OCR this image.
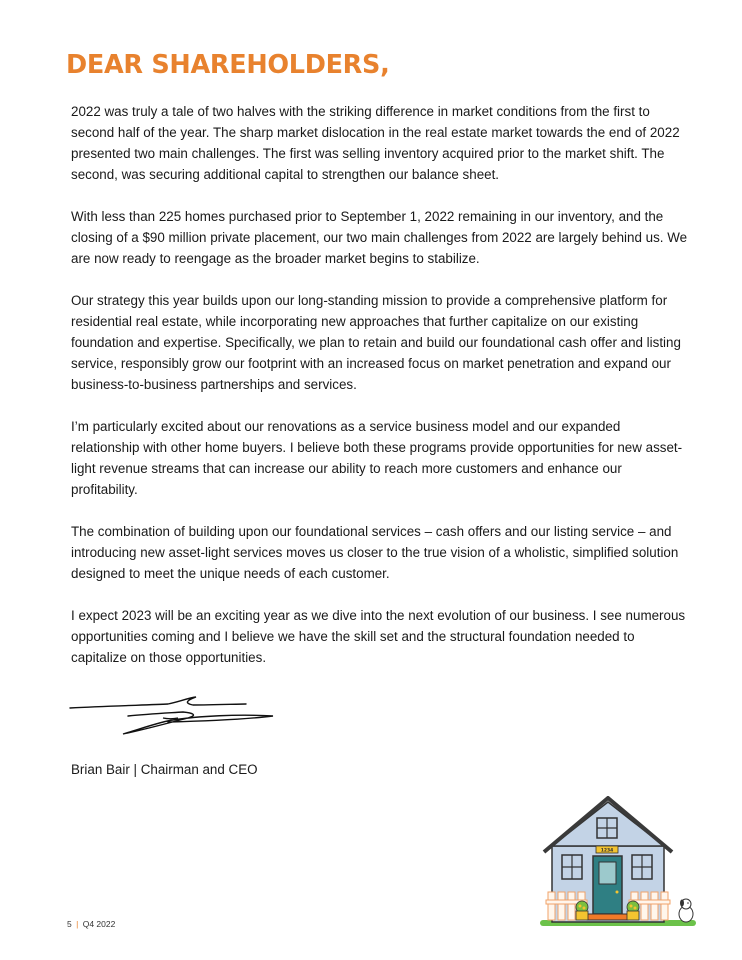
DEAR SHAREHOLDERS,

2022 was truly a tale of two halves with the striking difference in market conditions from the first to second half of the year. The sharp market dislocation in the real estate market towards the end of 2022 presented two main challenges. The first was selling inventory acquired prior to the market shift. The second, was securing additional capital to strengthen our balance sheet.

With less than 225 homes purchased prior to September 1, 2022 remaining in our inventory, and the closing of a $90 million private placement, our two main challenges from 2022 are largely behind us. We are now ready to reengage as the broader market begins to stabilize.

Our strategy this year builds upon our long-standing mission to provide a comprehensive platform for residential real estate, while incorporating new approaches that further capitalize on our existing foundation and expertise. Specifically, we plan to retain and build our foundational cash offer and listing service, responsibly grow our footprint with an increased focus on market penetration and expand our business-to-business partnerships and services.

I’m particularly excited about our renovations as a service business model and our expanded relationship with other home buyers. I believe both these programs provide opportunities for new asset-light revenue streams that can increase our ability to reach more customers and enhance our profitability.

The combination of building upon our foundational services – cash offers and our listing service – and introducing new asset-light services moves us closer to the true vision of a wholistic, simplified solution designed to meet the unique needs of each customer.

I expect 2023 will be an exciting year as we dive into the next evolution of our business. I see numerous opportunities coming and I believe we have the skill set and the structural foundation needed to capitalize on those opportunities.

Brian Bair | Chairman and CEO

5 | Q4 2022
1234
